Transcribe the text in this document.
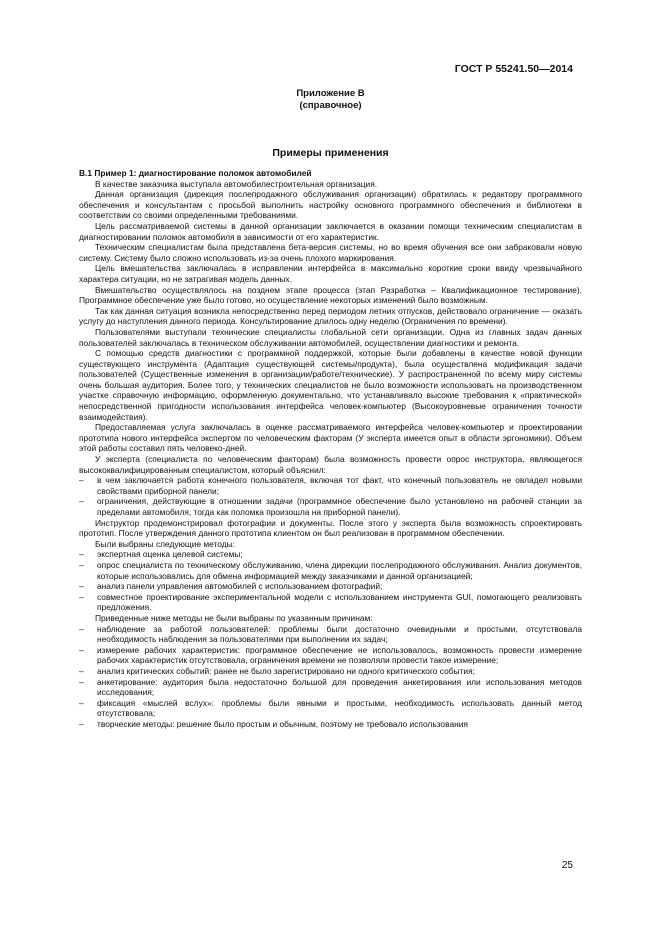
ГОСТ Р 55241.50—2014
Приложение В
(справочное)
Примеры применения

В.1 Пример 1: диагностирование поломок автомобилей

В качестве заказчика выступала автомобилестроительная организация.

Данная организация (дирекция послепродажного обслуживания организации) обратилась к редактору программного обеспечения и консультантам с просьбой выполнить настройку основного программного обеспечения и библиотеки в соответствии со своими определенными требованиями.

Цель рассматриваемой системы в данной организации заключается в оказании помощи техническим специалистам в диагностировании поломок автомобиля в зависимости от его характеристик.

Техническим специалистам была представлена бета-версия системы, но во время обучения все они забраковали новую систему. Систему было сложно использовать из-за очень плохого маркирования.

Цель вмешательства заключалась в исправлении интерфейса в максимально короткие сроки ввиду чрезвычайного характера ситуации, но не затрагивая модель данных.

Вмешательство осуществлялось на позднем этапе процесса (этап Разработка – Квалификационное тестирование). Программное обеспечение уже было готово, но осуществление некоторых изменений было возможным.

Так как данная ситуация возникла непосредственно перед периодом летних отпусков, действовало ограничение — оказать услугу до наступления данного периода. Консультирование длилось одну неделю (Ограничения по времени).

Пользователями выступали технические специалисты глобальной сети организации. Одна из главных задач данных пользователей заключалась в техническом обслуживании автомобилей, осуществлении диагностики и ремонта.

С помощью средств диагностики с программной поддержкой, которые были добавлены в качестве новой функции существующего инструмента (Адаптация существующей системы/продукта), была осуществлена модификация задачи пользователей (Существенные изменения в организации/работе/технические). У распространенной по всему миру системы очень большая аудитория. Более того, у технических специалистов не было возможности использовать на производственном участке справочную информацию, оформленную документально, что устанавливало высокие требования к «практической» непосредственной пригодности использования интерфейса человек-компьютер (Высокоуровневые ограничения точности взаимодействия).

Предоставляемая услуга заключалась в оценке рассматриваемого интерфейса человек-компьютер и проектировании прототипа нового интерфейса экспертом по человеческим факторам (У эксперта имеется опыт в области эргономики). Объем этой работы составил пять человеко-дней.

У эксперта (специалиста по человеческим факторам) была возможность провести опрос инструктора, являющегося высококвалифицированным специалистом, который объяснил:

–	в чем заключается работа конечного пользователя, включая тот факт, что конечный пользователь не овладел новыми свойствами приборной панели;
–	ограничения, действующие в отношении задачи (программное обеспечение было установлено на рабочей станции за пределами автомобиля, тогда как поломка произошла на приборной панели).

Инструктор продемонстрировал фотографии и документы. После этого у эксперта была возможность спроектировать прототип. После утверждения данного прототипа клиентом он был реализован в программном обеспечении.

Были выбраны следующие методы:

–	экспертная оценка целевой системы;
–	опрос специалиста по техническому обслуживанию, члена дирекции послепродажного обслуживания. Анализ документов, которые использовались для обмена информацией между заказчиками и данной организацией;
–	анализ панели управления автомобилей с использованием фотографий;
–	совместное проектирование экспериментальной модели с использованием инструмента GUI, помогающего реализовать предложения.

Приведенные ниже методы не были выбраны по указанным причинам:

–	наблюдение за работой пользователей: проблемы были достаточно очевидными и простыми, отсутствовала необходимость наблюдения за пользователями при выполнении их задач;
–	измерение рабочих характеристик: программное обеспечение не использовалось, возможность провести измерение рабочих характеристик отсутствовала, ограничения времени не позволяли провести такое измерение;
–	анализ критических событий: ранее не было зарегистрировано ни одного критического события;
–	анкетирование: аудитория была недостаточно большой для проведения анкетирования или использования методов исследования;
–	фиксация «мыслей вслух»: проблемы были явными и простыми, необходимость использовать данный метод отсутствовала;
–	творческие методы: решение было простым и обычным, поэтому не требовало использования
25
